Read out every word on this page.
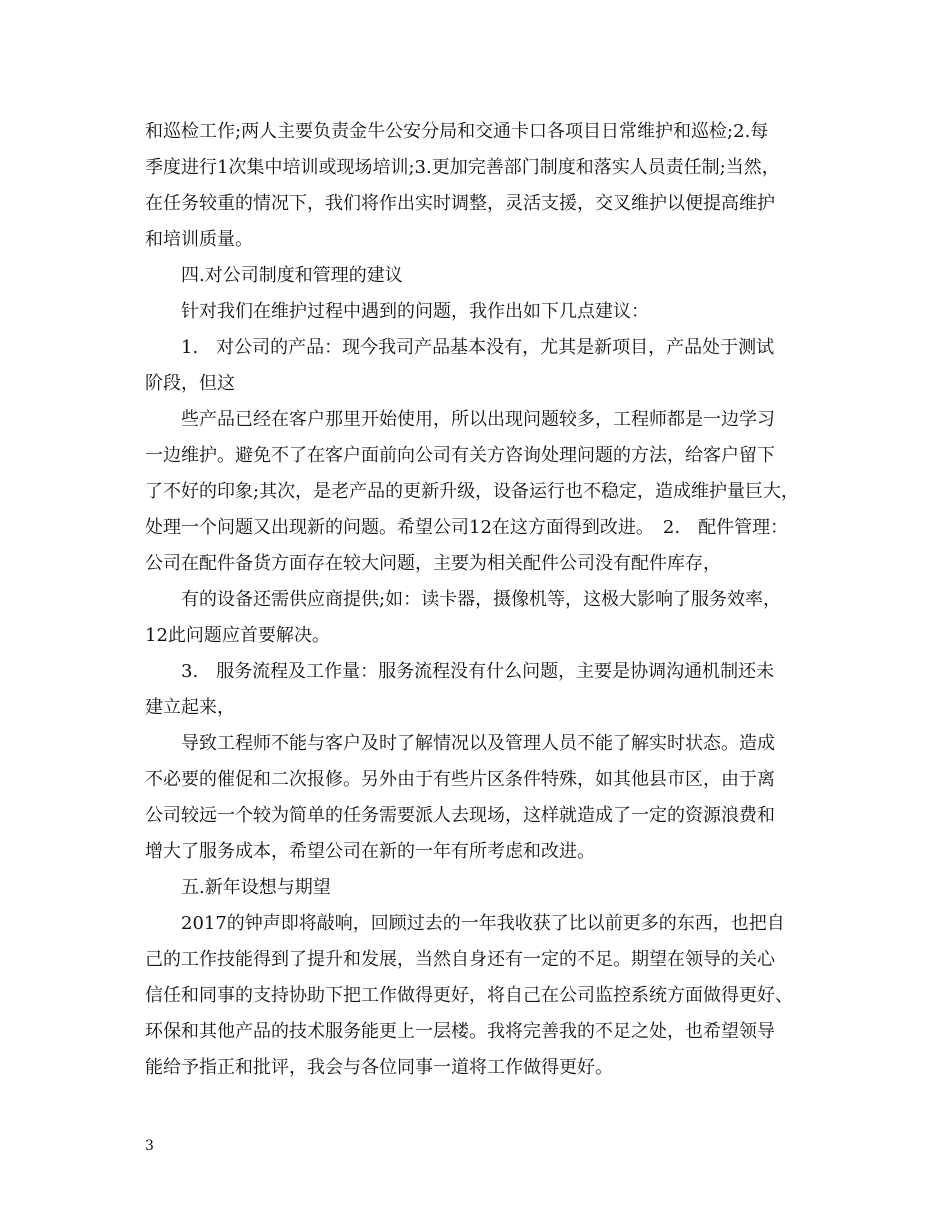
和巡检工作;两人主要负责金牛公安分局和交通卡口各项目日常维护和巡检;2.每
季度进行1次集中培训或现场培训;3.更加完善部门制度和落实人员责任制;当然，
在任务较重的情况下，我们将作出实时调整，灵活支援，交叉维护以便提高维护
和培训质量。
四.对公司制度和管理的建议
针对我们在维护过程中遇到的问题，我作出如下几点建议：
1.　对公司的产品：现今我司产品基本没有，尤其是新项目，产品处于测试
阶段，但这
些产品已经在客户那里开始使用，所以出现问题较多，工程师都是一边学习
一边维护。避免不了在客户面前向公司有关方咨询处理问题的方法，给客户留下
了不好的印象;其次，是老产品的更新升级，设备运行也不稳定，造成维护量巨大，
处理一个问题又出现新的问题。希望公司12在这方面得到改进。　2.　配件管理：
公司在配件备货方面存在较大问题，主要为相关配件公司没有配件库存，
有的设备还需供应商提供;如：读卡器，摄像机等，这极大影响了服务效率，
12此问题应首要解决。
3.　服务流程及工作量：服务流程没有什么问题，主要是协调沟通机制还未
建立起来，
导致工程师不能与客户及时了解情况以及管理人员不能了解实时状态。造成
不必要的催促和二次报修。另外由于有些片区条件特殊，如其他县市区，由于离
公司较远一个较为简单的任务需要派人去现场，这样就造成了一定的资源浪费和
增大了服务成本，希望公司在新的一年有所考虑和改进。
五.新年设想与期望
2017的钟声即将敲响，回顾过去的一年我收获了比以前更多的东西，也把自
己的工作技能得到了提升和发展，当然自身还有一定的不足。期望在领导的关心
信任和同事的支持协助下把工作做得更好，将自己在公司监控系统方面做得更好、
环保和其他产品的技术服务能更上一层楼。我将完善我的不足之处，也希望领导
能给予指正和批评，我会与各位同事一道将工作做得更好。
3
